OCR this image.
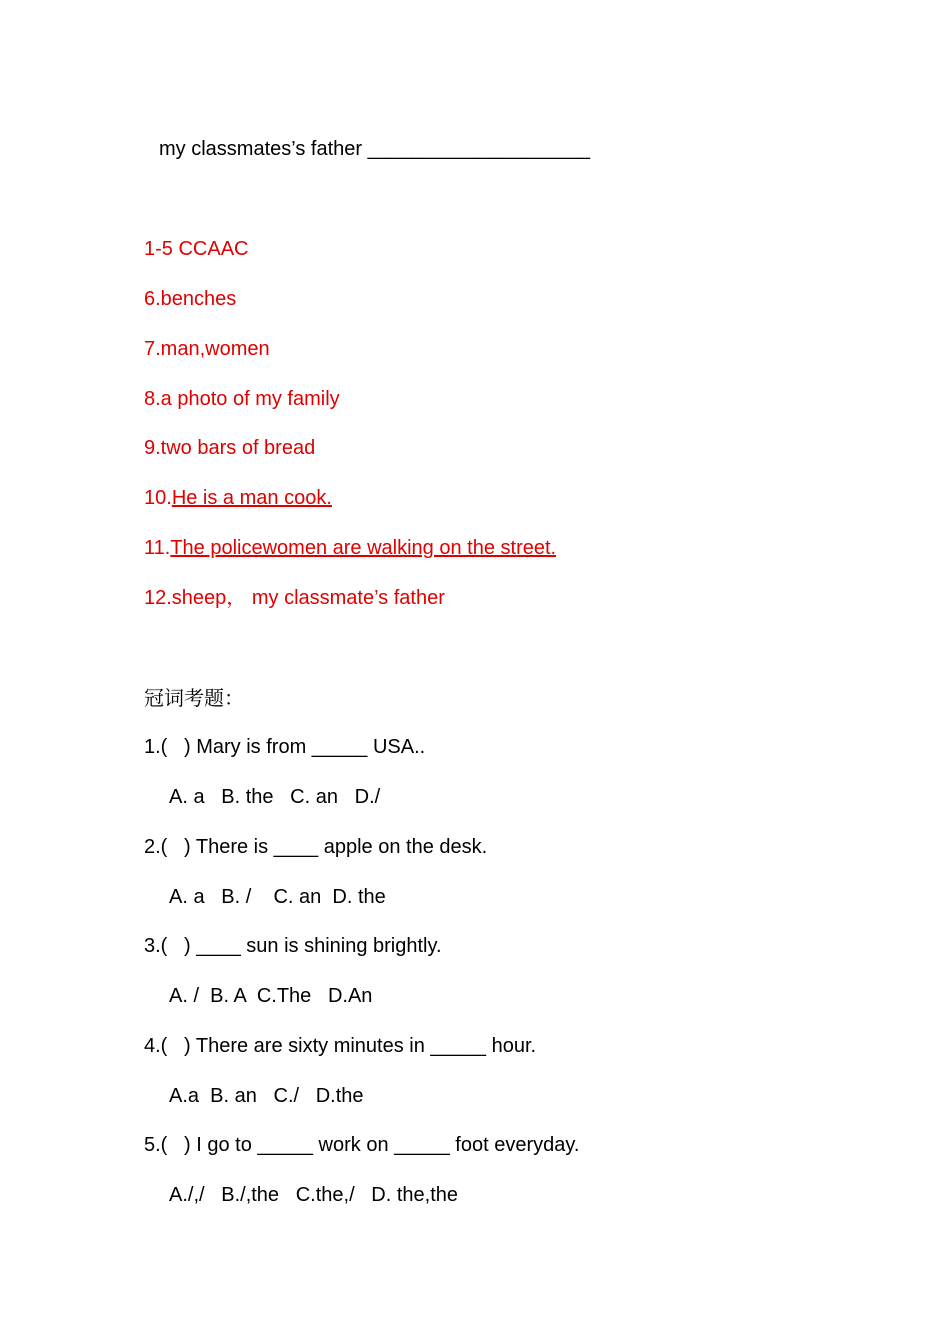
my classmates’s father ____________________
1-5 CCAAC
6.benches
7.man,women
8.a photo of my family
9.two bars of bread
10.He is a man cook.
11.The policewomen are walking on the street.
12.sheep， my classmate’s father
冠词考题：
1.(   ) Mary is from _____ USA..
A. a   B. the   C. an   D./
2.(   ) There is ____ apple on the desk.
A. a   B. /    C. an  D. the
3.(   ) ____ sun is shining brightly.
A. /  B. A  C.The   D.An
4.(   ) There are sixty minutes in _____ hour.
A.a  B. an   C./   D.the
5.(   ) I go to _____ work on _____ foot everyday.
A./,/   B./,the   C.the,/   D. the,the
